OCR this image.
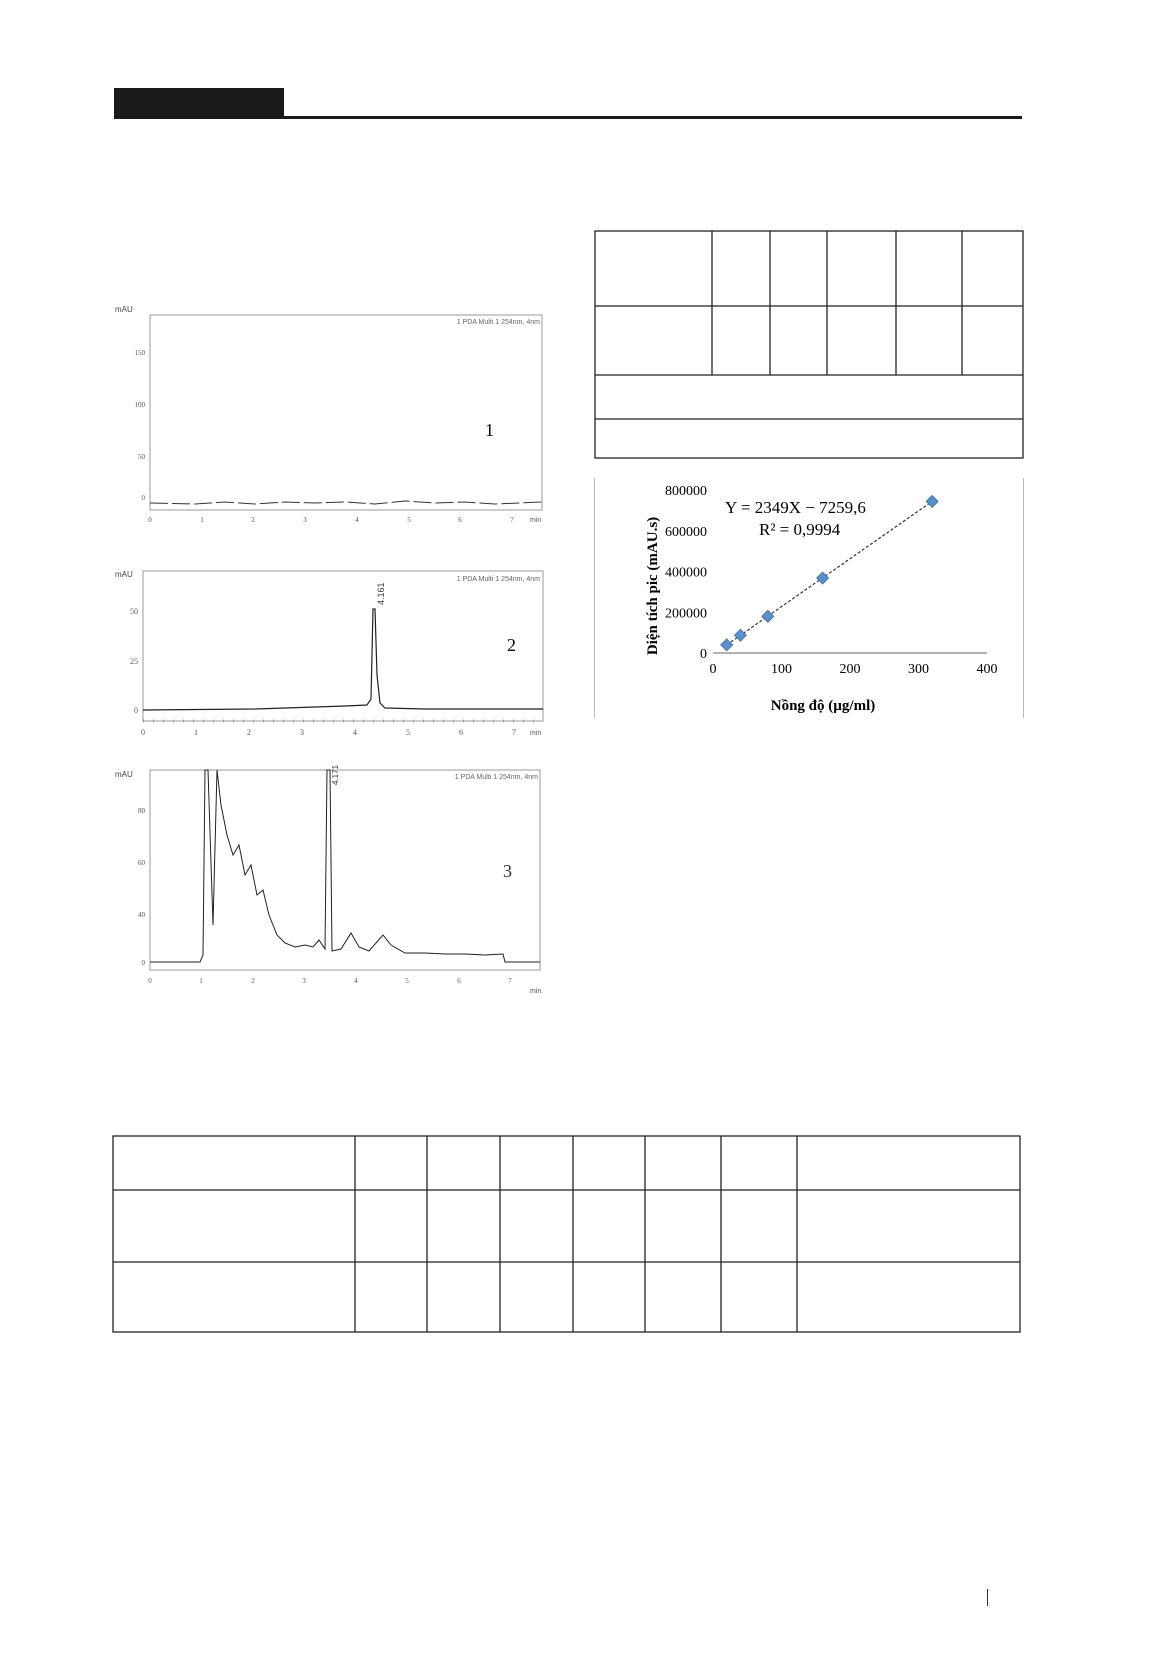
mAU
150
100
50
0
0	1	2	3	4	5	6	7 min
1 PDA Multi 1 254nm, 4nm
1
mAU
50
25
0
0	1	2	3	4	5	6	7 min
1 PDA Multi 1 254nm, 4nm
4.161
2
mAU
80
60
40
0
0	1	2	3	4	5	6	7
min
1 PDA Multi 1 254nm, 4nm
4.171
3
Diện tích pic (mAU.s)
Nồng độ (µg/ml)
Y = 2349X − 7259,6
R² = 0,9994
0
200000
400000
600000
800000
0	100	200	300	400
